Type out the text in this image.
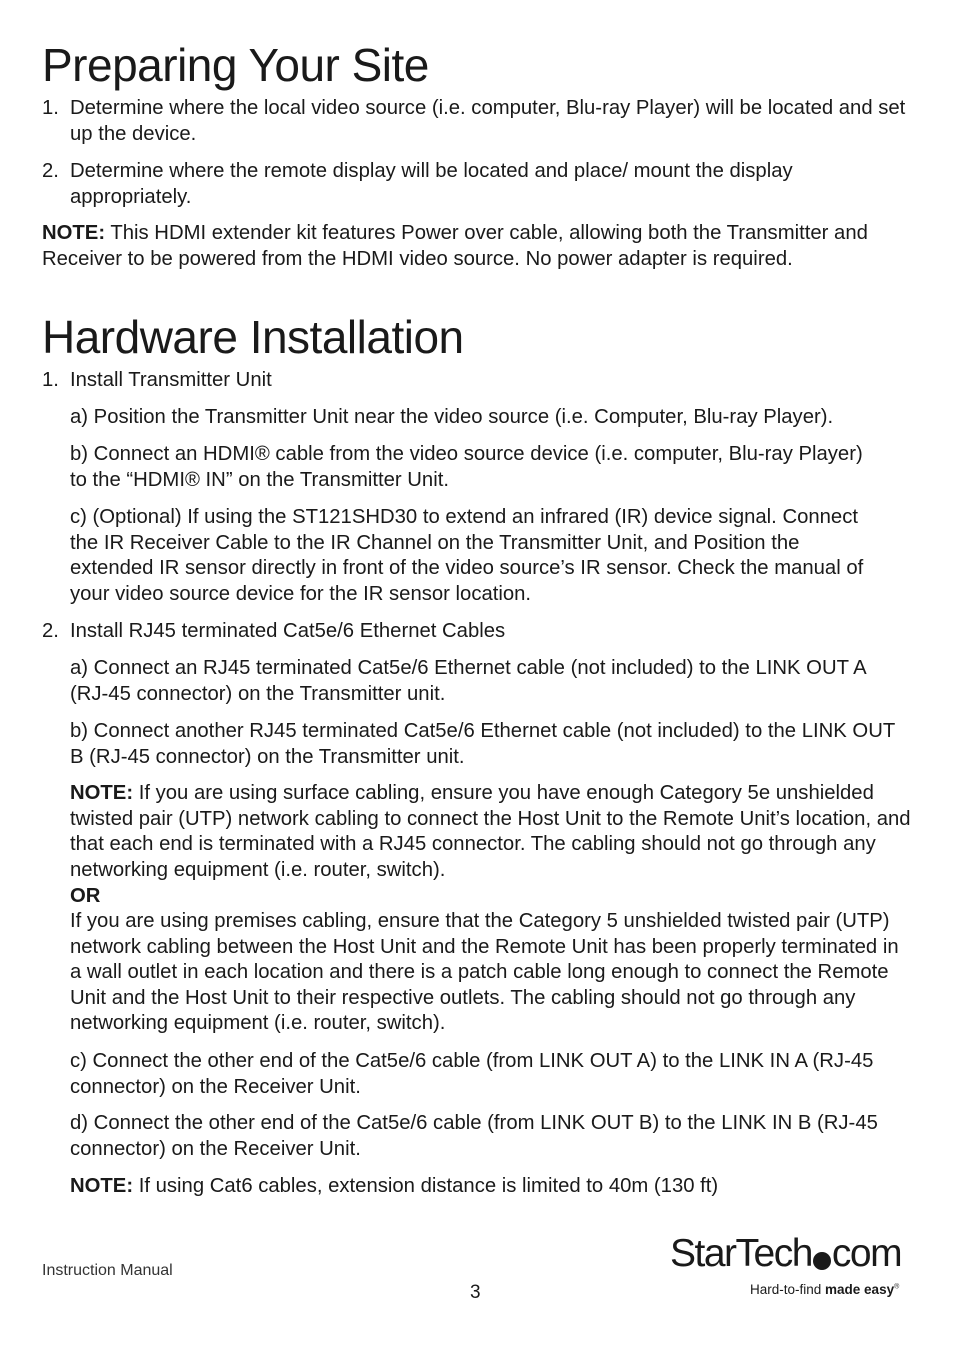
Preparing Your Site
1. Determine where the local video source (i.e. computer, Blu-ray Player) will be located and set up the device.
2. Determine where the remote display will be located and place/ mount the display appropriately.

NOTE: This HDMI extender kit features Power over cable, allowing both the Transmitter and Receiver to be powered from the HDMI video source. No power adapter is required.

Hardware Installation
1. Install Transmitter Unit

a) Position the Transmitter Unit near the video source (i.e. Computer, Blu-ray Player).

b) Connect an HDMI® cable from the video source device (i.e. computer, Blu-ray Player) to the “HDMI® IN” on the Transmitter Unit.

c) (Optional) If using the ST121SHD30 to extend an infrared (IR) device signal. Connect the IR Receiver Cable to the IR Channel on the Transmitter Unit, and Position the extended IR sensor directly in front of the video source’s IR sensor. Check the manual of your video source device for the IR sensor location.

2. Install RJ45 terminated Cat5e/6 Ethernet Cables

a) Connect an RJ45 terminated Cat5e/6 Ethernet cable (not included) to the LINK OUT A (RJ-45 connector) on the Transmitter unit.

b) Connect another RJ45 terminated Cat5e/6 Ethernet cable (not included) to the LINK OUT B (RJ-45 connector) on the Transmitter unit.

NOTE: If you are using surface cabling, ensure you have enough Category 5e unshielded twisted pair (UTP) network cabling to connect the Host Unit to the Remote Unit’s location, and that each end is terminated with a RJ45 connector. The cabling should not go through any networking equipment (i.e. router, switch).

OR

If you are using premises cabling, ensure that the Category 5 unshielded twisted pair (UTP) network cabling between the Host Unit and the Remote Unit has been properly terminated in a wall outlet in each location and there is a patch cable long enough to connect the Remote Unit and the Host Unit to their respective outlets. The cabling should not go through any networking equipment (i.e. router, switch).

c) Connect the other end of the Cat5e/6 cable (from LINK OUT A) to the LINK IN A (RJ-45 connector) on the Receiver Unit.

d) Connect the other end of the Cat5e/6 cable (from LINK OUT B) to the LINK IN B (RJ-45 connector) on the Receiver Unit.

NOTE: If using Cat6 cables, extension distance is limited to 40m (130 ft)

Instruction Manual
3
StarTech com
Hard-to-find made easy®
